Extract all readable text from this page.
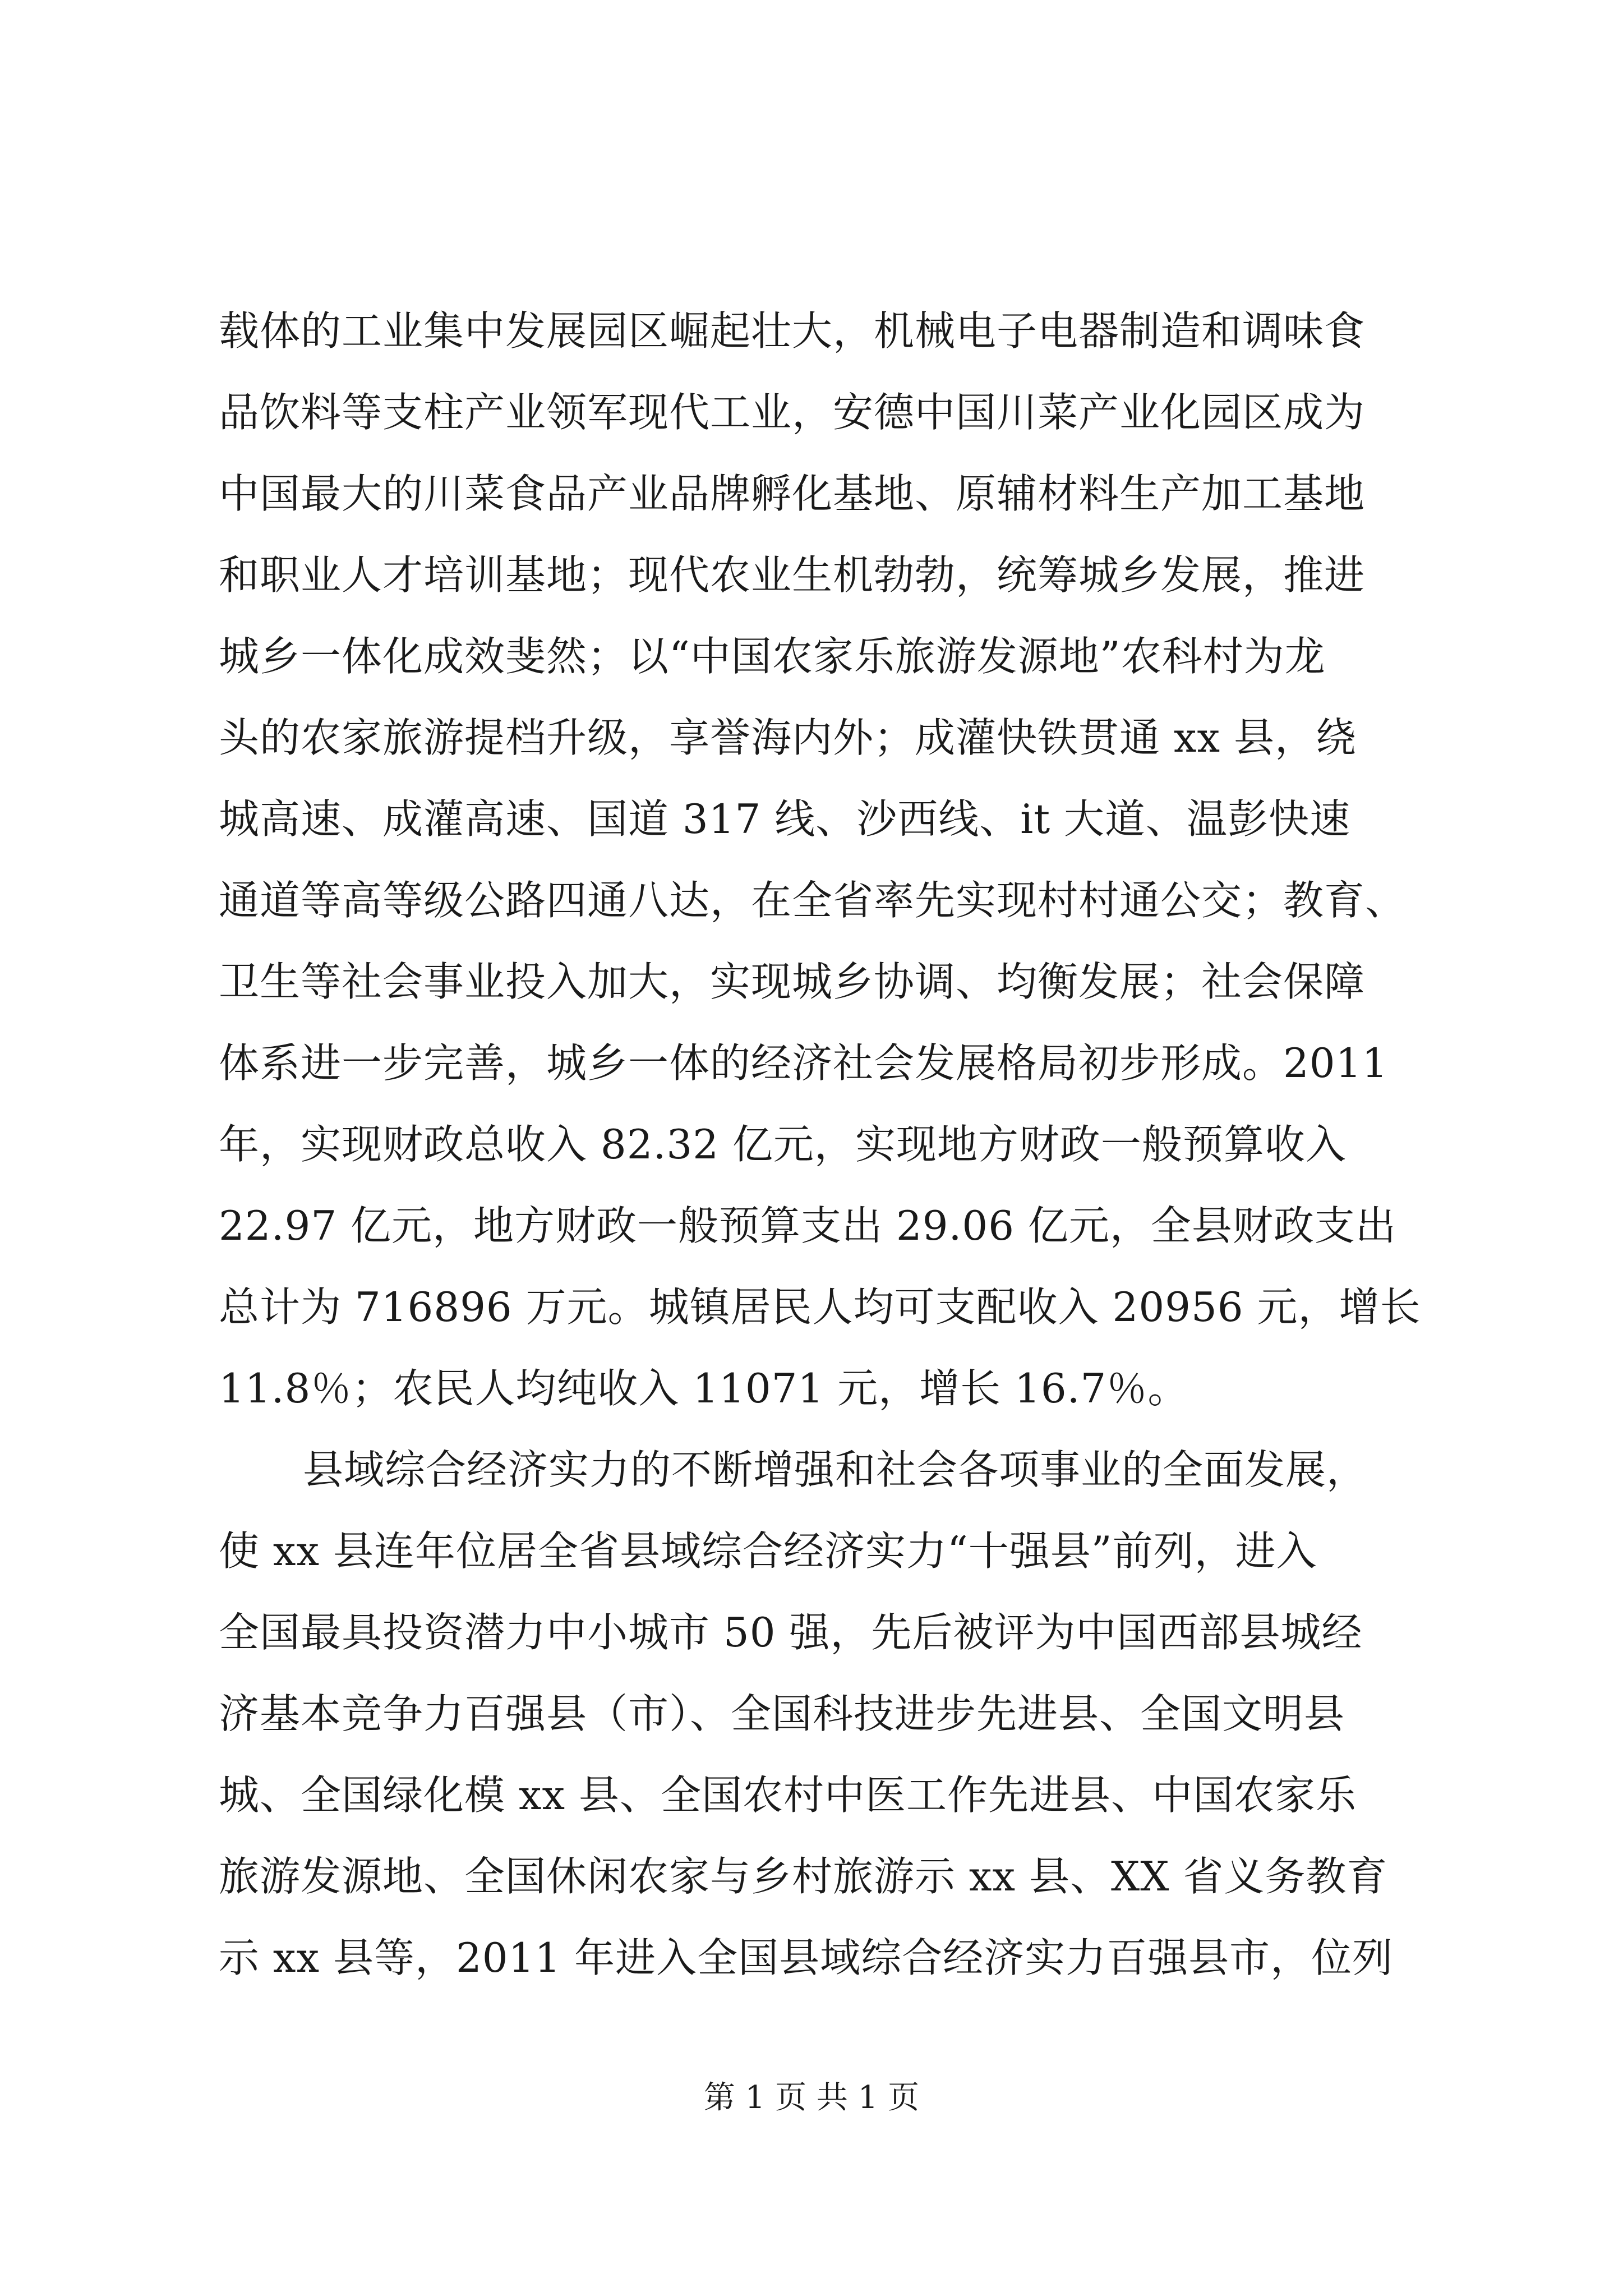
载体的工业集中发展园区崛起壮大，机械电子电器制造和调味食
品饮料等支柱产业领军现代工业，安德中国川菜产业化园区成为
中国最大的川菜食品产业品牌孵化基地、原辅材料生产加工基地
和职业人才培训基地；现代农业生机勃勃，统筹城乡发展，推进
城乡一体化成效斐然；以“中国农家乐旅游发源地”农科村为龙
头的农家旅游提档升级，享誉海内外；成灌快铁贯通 xx 县，绕
城高速、成灌高速、国道 317 线、沙西线、it 大道、温彭快速
通道等高等级公路四通八达，在全省率先实现村村通公交；教育、
卫生等社会事业投入加大，实现城乡协调、均衡发展；社会保障
体系进一步完善，城乡一体的经济社会发展格局初步形成。2011
年，实现财政总收入 82.32 亿元，实现地方财政一般预算收入
22.97 亿元，地方财政一般预算支出 29.06 亿元，全县财政支出
总计为 716896 万元。城镇居民人均可支配收入 20956 元，增长
11.8％；农民人均纯收入 11071 元，增长 16.7％。
县域综合经济实力的不断增强和社会各项事业的全面发展，
使 xx 县连年位居全省县域综合经济实力“十强县”前列，进入
全国最具投资潜力中小城市 50 强，先后被评为中国西部县城经
济基本竞争力百强县（市）、全国科技进步先进县、全国文明县
城、全国绿化模 xx 县、全国农村中医工作先进县、中国农家乐
旅游发源地、全国休闲农家与乡村旅游示 xx 县、XX 省义务教育
示 xx 县等，2011 年进入全国县域综合经济实力百强县市，位列
第 1 页 共 1 页
